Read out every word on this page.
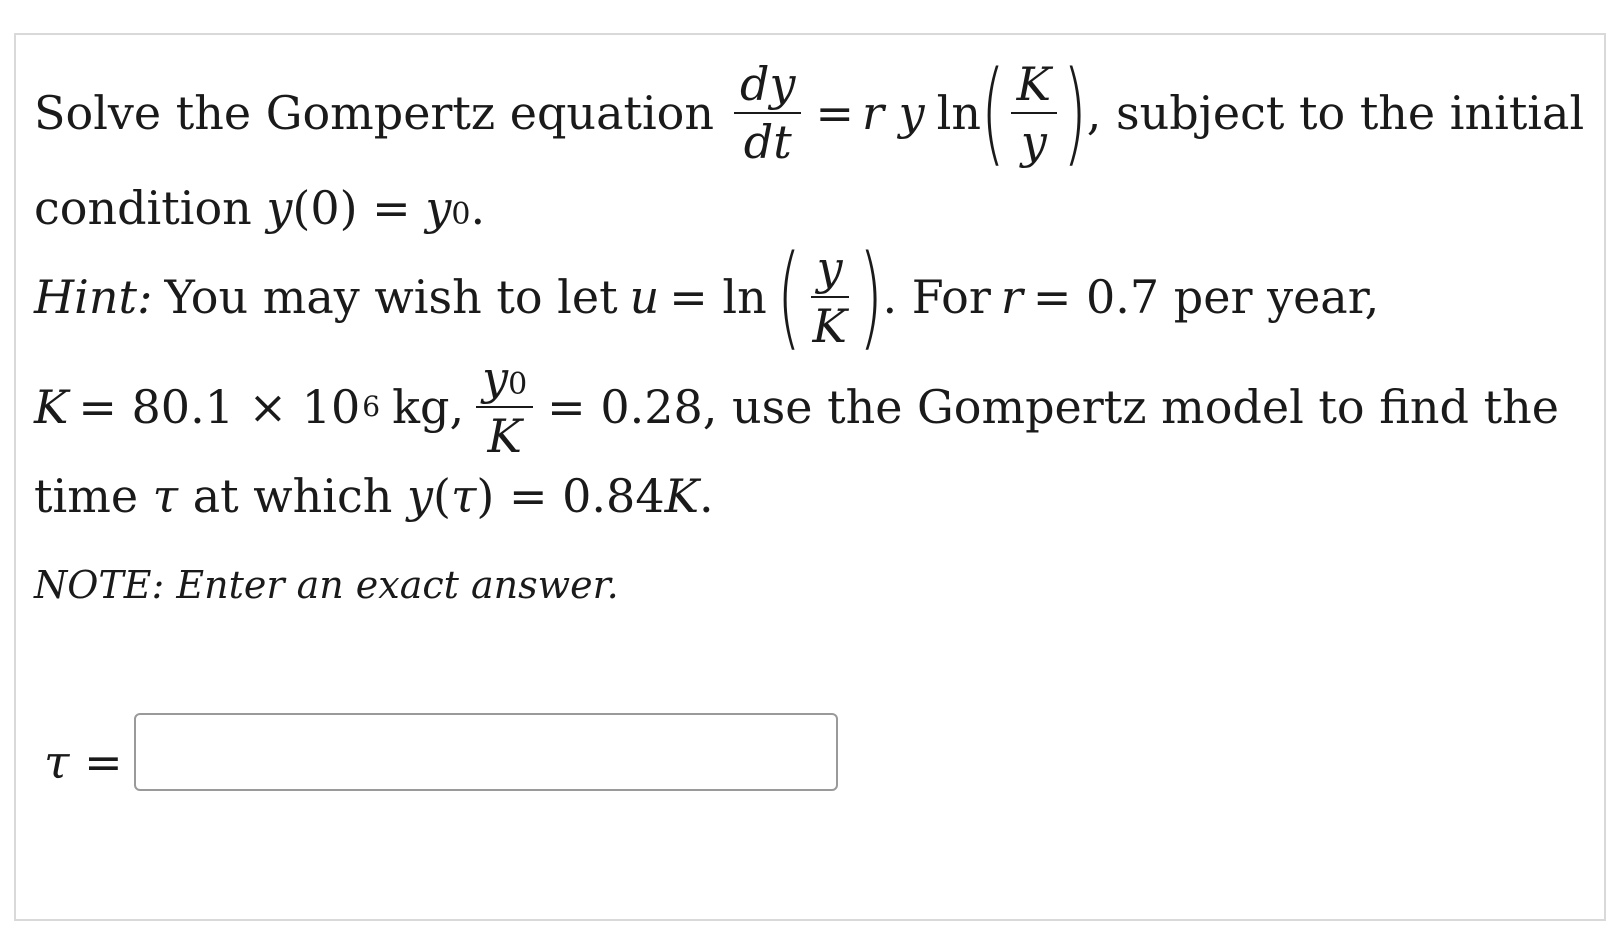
Solve the Gompertz equation $\frac{dy}{dt} = r$ y ln ( $\frac{K}{y}$ ) , subject to the initial
condition y(0) = y0.
Hint: You may wish to let u = ln ( $\frac{y}{K}$ ) . For r = 0.7 per year,
K = 80.1 × 10 6 kg, $\frac{y0}{K} = 0.28$, use the Gompertz model to find the
time τ at which y(τ) = 0.84K.
NOTE: Enter an exact answer.
τ =
